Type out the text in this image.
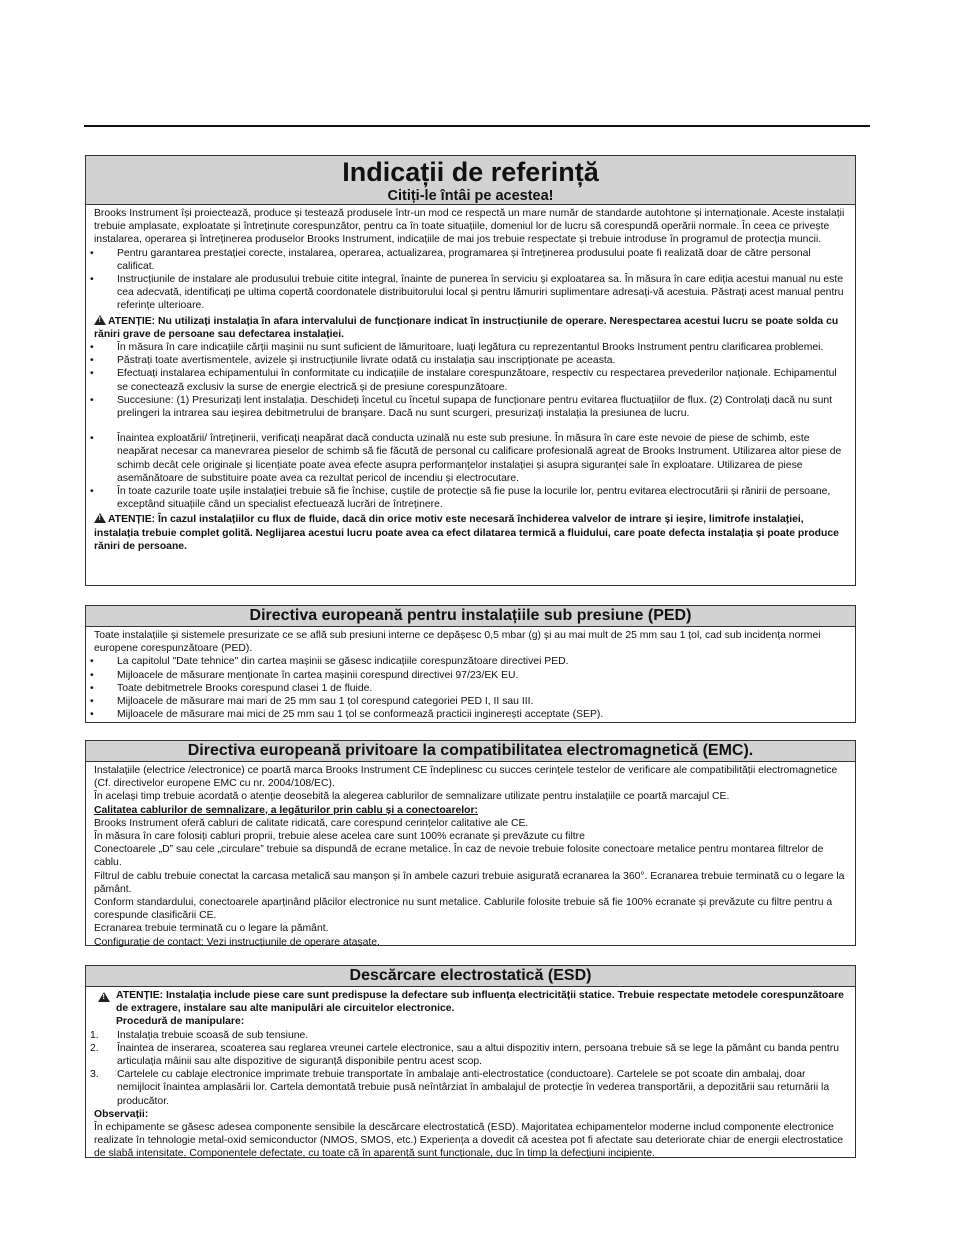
Indicații de referință
Citiți-le întâi pe acestea!

Brooks Instrument își proiectează, produce și testează produsele într-un mod ce respectă un mare număr de standarde autohtone și internaționale. Aceste instalații trebuie amplasate, exploatate și întreținute corespunzător, pentru ca în toate situațiile, domeniul lor de lucru să corespundă operării normale. În ceea ce privește instalarea, operarea și întreținerea produselor Brooks Instrument, indicațiile de mai jos trebuie respectate și trebuie introduse în programul de protecția muncii.

• Pentru garantarea prestației corecte, instalarea, operarea, actualizarea, programarea și întreținerea produsului poate fi realizată doar de către personal calificat.
• Instrucțiunile de instalare ale produsului trebuie citite integral, înainte de punerea în serviciu și exploatarea sa. În măsura în care ediția acestui manual nu este cea adecvată, identificați pe ultima copertă coordonatele distribuitorului local și pentru lămuriri suplimentare adresați-vă acestuia. Păstrați acest manual pentru referințe ulterioare.

!ATENȚIE: Nu utilizați instalația în afara intervalului de funcționare indicat în instrucțiunile de operare. Nerespectarea acestui lucru se poate solda cu răniri grave de persoane sau defectarea instalației.

• În măsura în care indicațiile cărții mașinii nu sunt suficient de lămuritoare, luați legătura cu reprezentantul Brooks Instrument pentru clarificarea problemei.
• Păstrați toate avertismentele, avizele și instrucțiunile livrate odată cu instalația sau inscripționate pe aceasta.
• Efectuați instalarea echipamentului în conformitate cu indicațiile de instalare corespunzătoare, respectiv cu respectarea prevederilor naționale. Echipamentul se conectează exclusiv la surse de energie electrică și de presiune corespunzătoare.
• Succesiune: (1) Presurizați lent instalația. Deschideți încetul cu încetul supapa de funcționare pentru evitarea fluctuațiilor de flux. (2) Controlați dacă nu sunt prelingeri la intrarea sau ieșirea debitmetrului de branșare. Dacă nu sunt scurgeri, presurizați instalația la presiunea de lucru.
• Înaintea exploatării/ întreținerii, verificați neapărat dacă conducta uzinală nu este sub presiune. În măsura în care este nevoie de piese de schimb, este neapărat necesar ca manevrarea pieselor de schimb să fie făcută de personal cu calificare profesională agreat de Brooks Instrument. Utilizarea altor piese de schimb decât cele originale și licențiate poate avea efecte asupra performanțelor instalației și asupra siguranței sale în exploatare. Utilizarea de piese asemănătoare de substituire poate avea ca rezultat pericol de incendiu și electrocutare.
• În toate cazurile toate ușile instalației trebuie să fie închise, cuștile de protecție să fie puse la locurile lor, pentru evitarea electrocutării și rănirii de persoane, exceptând situațiile când un specialist efectuează lucrări de întreținere.

!ATENȚIE: În cazul instalațiilor cu flux de fluide, dacă din orice motiv este necesară închiderea valvelor de intrare și ieșire, limitrofe instalației, instalația trebuie complet golită. Neglijarea acestui lucru poate avea ca efect dilatarea termică a fluidului, care poate defecta instalația și poate produce răniri de persoane.

Directiva europeană pentru instalațiile sub presiune (PED)

Toate instalațiile și sistemele presurizate ce se află sub presiuni interne ce depășesc 0,5 mbar (g) și au mai mult de 25 mm sau 1 țol, cad sub incidența normei europene corespunzătoare (PED).

• La capitolul "Date tehnice" din cartea mașinii se găsesc indicațiile corespunzătoare directivei PED.
• Mijloacele de măsurare menționate în cartea mașinii corespund directivei 97/23/EK EU.
• Toate debitmetrele Brooks corespund clasei 1 de fluide.
• Mijloacele de măsurare mai mari de 25 mm sau 1 țol corespund categoriei PED I, II sau III.
• Mijloacele de măsurare mai mici de 25 mm sau 1 țol se conformează practicii inginerești acceptate (SEP).
Directiva europeană privitoare la compatibilitatea electromagnetică (EMC).

Instalațiile (electrice /electronice) ce poartă marca Brooks Instrument CE îndeplinesc cu succes cerințele testelor de verificare ale compatibilității electromagnetice (Cf. directivelor europene EMC cu nr. 2004/108/EC).

În același timp trebuie acordată o atenție deosebită la alegerea cablurilor de semnalizare utilizate pentru instalațiile ce poartă marcajul CE.

Calitatea cablurilor de semnalizare, a legăturilor prin cablu și a conectoarelor:

Brooks Instrument oferă cabluri de calitate ridicată, care corespund cerințelor calitative ale CE.

În măsura în care folosiți cabluri proprii, trebuie alese acelea care sunt 100% ecranate și prevăzute cu filtre

Conectoarele „D” sau cele „circulare” trebuie sa dispundă de ecrane metalice. În caz de nevoie trebuie folosite conectoare metalice pentru montarea filtrelor de cablu.

Filtrul de cablu trebuie conectat la carcasa metalică sau manșon și în ambele cazuri trebuie asigurată ecranarea la 360°. Ecranarea trebuie terminată cu o legare la pământ.

Conform standardului, conectoarele aparținând plăcilor electronice nu sunt metalice. Cablurile folosite trebuie să fie 100% ecranate și prevăzute cu filtre pentru a corespunde clasificării CE.

Ecranarea trebuie terminată cu o legare la pământ.

Configurație de contact: Vezi instrucțiunile de operare atașate.

Descărcare electrostatică (ESD)
!
ATENȚIE: Instalația include piese care sunt predispuse la defectare sub influența electricității statice. Trebuie respectate metodele corespunzătoare de extragere, instalare sau alte manipulări ale circuitelor electronice.
Procedură de manipulare:
1. Instalația trebuie scoasă de sub tensiune.
2. Înaintea de inserarea, scoaterea sau reglarea vreunei cartele electronice, sau a altui dispozitiv intern, persoana trebuie să se lege la pământ cu banda pentru articulația mâinii sau alte dispozitive de siguranță disponibile pentru acest scop.
3. Cartelele cu cablaje electronice imprimate trebuie transportate în ambalaje anti-electrostatice (conductoare). Cartelele se pot scoate din ambalaj, doar nemijlocit înaintea amplasării lor. Cartela demontată trebuie pusă neîntârziat în ambalajul de protecție în vederea transportării, a depozitării sau returnării la producător.

Observații:

În echipamente se găsesc adesea componente sensibile la descărcare electrostatică (ESD). Majoritatea echipamentelor moderne includ componente electronice realizate în tehnologie metal-oxid semiconductor (NMOS, SMOS, etc.) Experiența a dovedit că acestea pot fi afectate sau deteriorate chiar de energii electrostatice de slabă intensitate. Componentele defectate, cu toate că în aparență sunt funcționale, duc în timp la defecțiuni incipiente.
